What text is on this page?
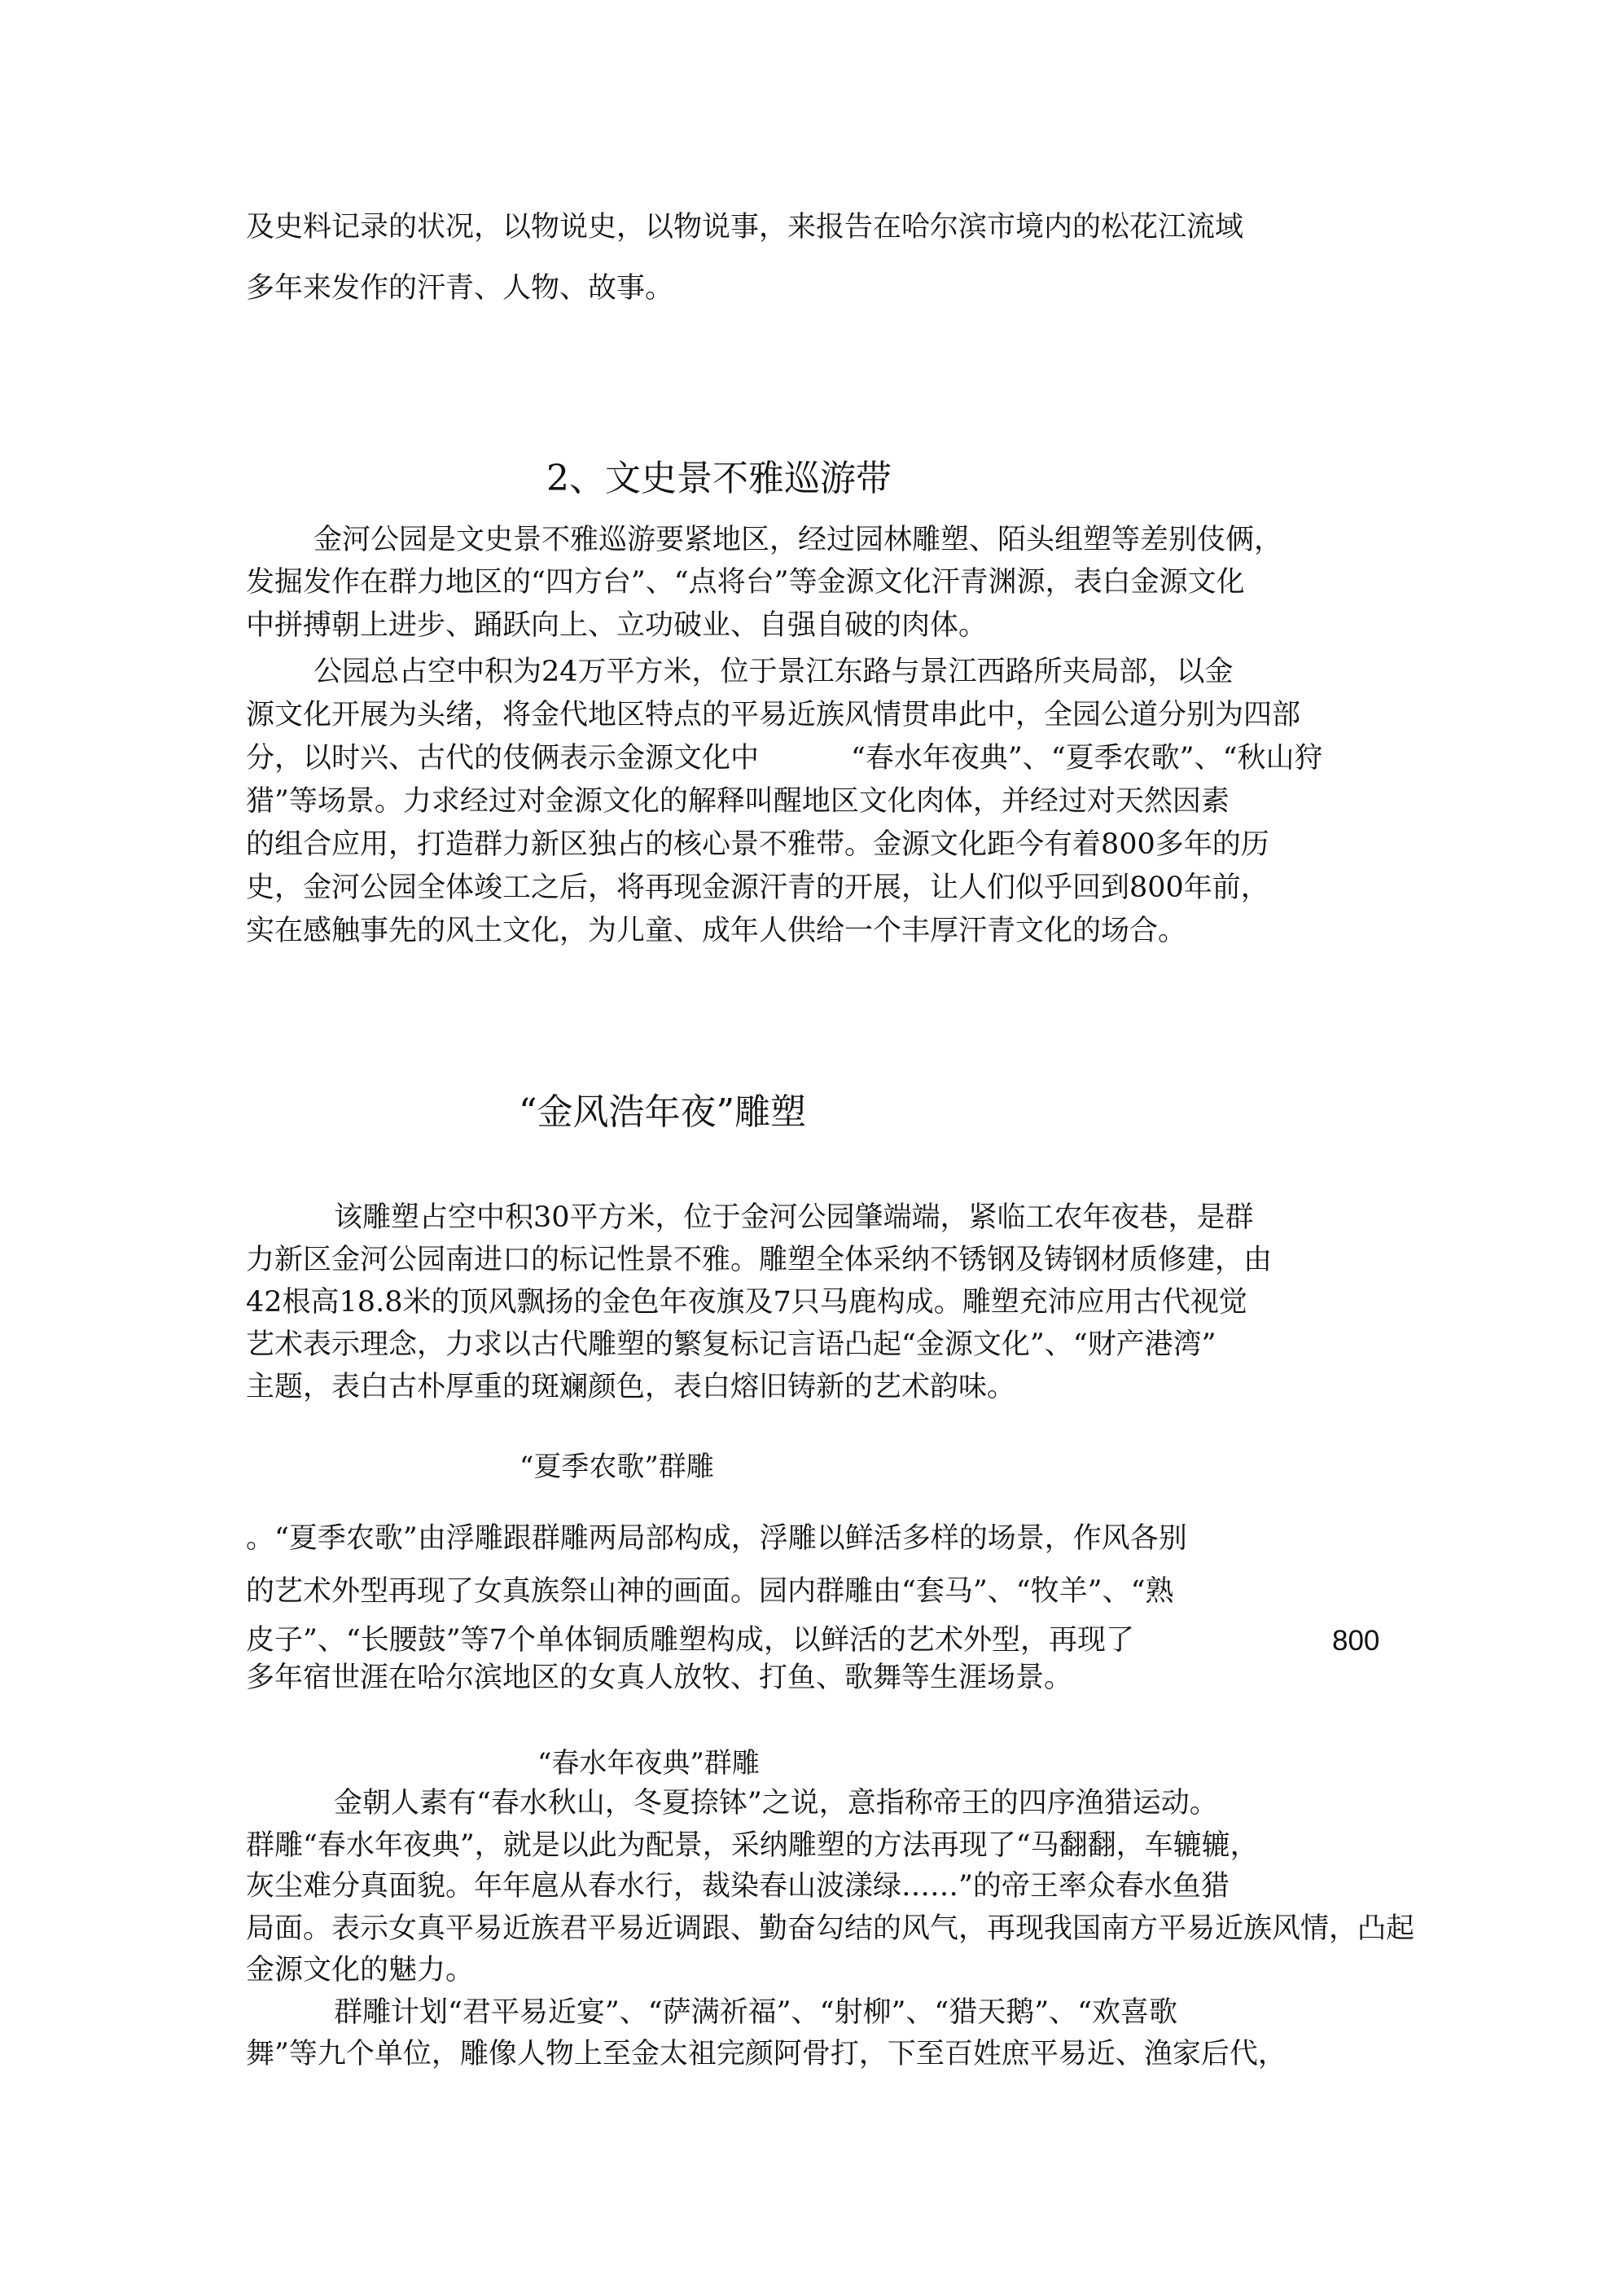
及史料记录的状况，以物说史，以物说事，来报告在哈尔滨市境内的松花江流域
多年来发作的汗青、人物、故事。
2、文史景不雅巡游带
金河公园是文史景不雅巡游要紧地区，经过园林雕塑、陌头组塑等差别伎俩，
发掘发作在群力地区的“四方台”、“点将台”等金源文化汗青渊源，表白金源文化
中拼搏朝上进步、踊跃向上、立功破业、自强自破的肉体。
公园总占空中积为24万平方米，位于景江东路与景江西路所夹局部，以金
源文化开展为头绪，将金代地区特点的平易近族风情贯串此中，全园公道分别为四部
分，以时兴、古代的伎俩表示金源文化中	“春水年夜典”、“夏季农歌”、“秋山狩
猎”等场景。力求经过对金源文化的解释叫醒地区文化肉体，并经过对天然因素
的组合应用，打造群力新区独占的核心景不雅带。金源文化距今有着800多年的历
史，金河公园全体竣工之后，将再现金源汗青的开展，让人们似乎回到800年前，
实在感触事先的风土文化，为儿童、成年人供给一个丰厚汗青文化的场合。
“金风浩年夜”雕塑
该雕塑占空中积30平方米，位于金河公园肇端端，紧临工农年夜巷，是群
力新区金河公园南进口的标记性景不雅。雕塑全体采纳不锈钢及铸钢材质修建，由
42根高18.8米的顶风飘扬的金色年夜旗及7只马鹿构成。雕塑充沛应用古代视觉
艺术表示理念，力求以古代雕塑的繁复标记言语凸起“金源文化”、“财产港湾”
主题，表白古朴厚重的斑斓颜色，表白熔旧铸新的艺术韵味。
“夏季农歌”群雕
。“夏季农歌”由浮雕跟群雕两局部构成，浮雕以鲜活多样的场景，作风各别
的艺术外型再现了女真族祭山神的画面。园内群雕由“套马”、“牧羊”、“熟
皮子”、“长腰鼓”等7个单体铜质雕塑构成，以鲜活的艺术外型，再现了	800
多年宿世涯在哈尔滨地区的女真人放牧、打鱼、歌舞等生涯场景。
“春水年夜典”群雕
金朝人素有“春水秋山，冬夏捺钵”之说，意指称帝王的四序渔猎运动。
群雕“春水年夜典”，就是以此为配景，采纳雕塑的方法再现了“马翻翻，车辘辘，
灰尘难分真面貌。年年扈从春水行，裁染春山波漾绿……”的帝王率众春水鱼猎
局面。表示女真平易近族君平易近调跟、勤奋勾结的风气，再现我国南方平易近族风情，凸起
金源文化的魅力。
群雕计划“君平易近宴”、“萨满祈福”、“射柳”、“猎天鹅”、“欢喜歌
舞”等九个单位，雕像人物上至金太祖完颜阿骨打，下至百姓庶平易近、渔家后代，
